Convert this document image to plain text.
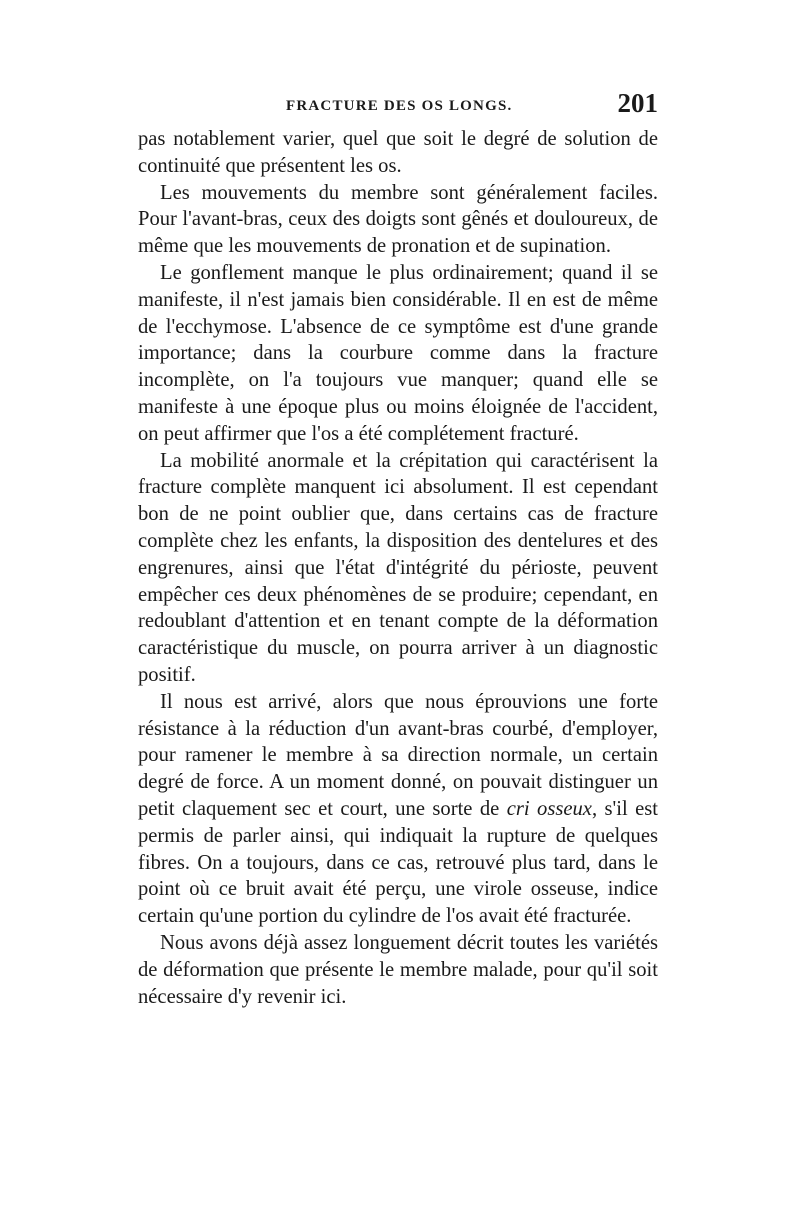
FRACTURE DES OS LONGS.	201

pas notablement varier, quel que soit le degré de solution de continuité que présentent les os.

Les mouvements du membre sont généralement faciles. Pour l'avant-bras, ceux des doigts sont gênés et douloureux, de même que les mouvements de pronation et de supination.

Le gonflement manque le plus ordinairement; quand il se manifeste, il n'est jamais bien considérable. Il en est de même de l'ecchymose. L'absence de ce symptôme est d'une grande importance; dans la courbure comme dans la fracture incomplète, on l'a toujours vue manquer; quand elle se manifeste à une époque plus ou moins éloignée de l'accident, on peut affirmer que l'os a été complétement fracturé.

La mobilité anormale et la crépitation qui caractérisent la fracture complète manquent ici absolument. Il est cependant bon de ne point oublier que, dans certains cas de fracture complète chez les enfants, la disposition des dentelures et des engrenures, ainsi que l'état d'intégrité du périoste, peuvent empêcher ces deux phénomènes de se produire; cependant, en redoublant d'attention et en tenant compte de la déformation caractéristique du muscle, on pourra arriver à un diagnostic positif.

Il nous est arrivé, alors que nous éprouvions une forte résistance à la réduction d'un avant-bras courbé, d'employer, pour ramener le membre à sa direction normale, un certain degré de force. A un moment donné, on pouvait distinguer un petit claquement sec et court, une sorte de cri osseux, s'il est permis de parler ainsi, qui indiquait la rupture de quelques fibres. On a toujours, dans ce cas, retrouvé plus tard, dans le point où ce bruit avait été perçu, une virole osseuse, indice certain qu'une portion du cylindre de l'os avait été fracturée.

Nous avons déjà assez longuement décrit toutes les variétés de déformation que présente le membre malade, pour qu'il soit nécessaire d'y revenir ici.
